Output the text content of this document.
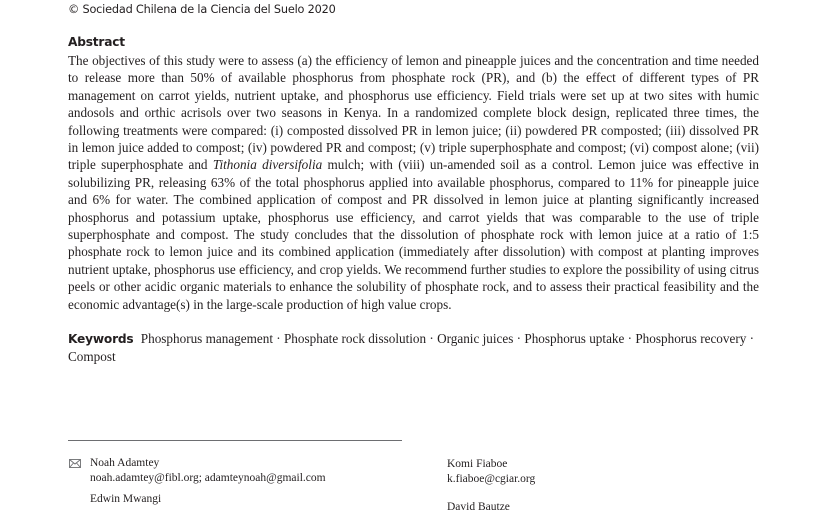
© Sociedad Chilena de la Ciencia del Suelo 2020
Abstract

The objectives of this study were to assess (a) the efficiency of lemon and pineapple juices and the concentration and time needed to release more than 50% of available phosphorus from phosphate rock (PR), and (b) the effect of different types of PR management on carrot yields, nutrient uptake, and phosphorus use efficiency. Field trials were set up at two sites with humic andosols and orthic acrisols over two seasons in Kenya. In a randomized complete block design, replicated three times, the following treatments were compared: (i) composted dissolved PR in lemon juice; (ii) powdered PR composted; (iii) dissolved PR in lemon juice added to compost; (iv) powdered PR and compost; (v) triple superphosphate and compost; (vi) compost alone; (vii) triple superphosphate and Tithonia diversifolia mulch; with (viii) un-amended soil as a control. Lemon juice was effective in solubilizing PR, releasing 63% of the total phosphorus applied into available phosphorus, compared to 11% for pineapple juice and 6% for water. The combined application of compost and PR dissolved in lemon juice at planting significantly increased phosphorus and potassium uptake, phosphorus use efficiency, and carrot yields that was comparable to the use of triple superphosphate and compost. The study concludes that the dissolution of phosphate rock with lemon juice at a ratio of 1:5 phosphate rock to lemon juice and its combined application (immediately after dissolution) with compost at planting improves nutrient uptake, phosphorus use efficiency, and crop yields. We recommend further studies to explore the possibility of using citrus peels or other acidic organic materials to enhance the solubility of phosphate rock, and to assess their practical feasibility and the economic advantage(s) in the large-scale production of high value crops.

Keywords Phosphorus management · Phosphate rock dissolution · Organic juices · Phosphorus uptake · Phosphorus recovery · Compost

Noah Adamtey
noah.adamtey@fibl.org; adamteynoah@gmail.com
Edwin Mwangi
Komi Fiaboe
k.fiaboe@cgiar.org
David Bautze
